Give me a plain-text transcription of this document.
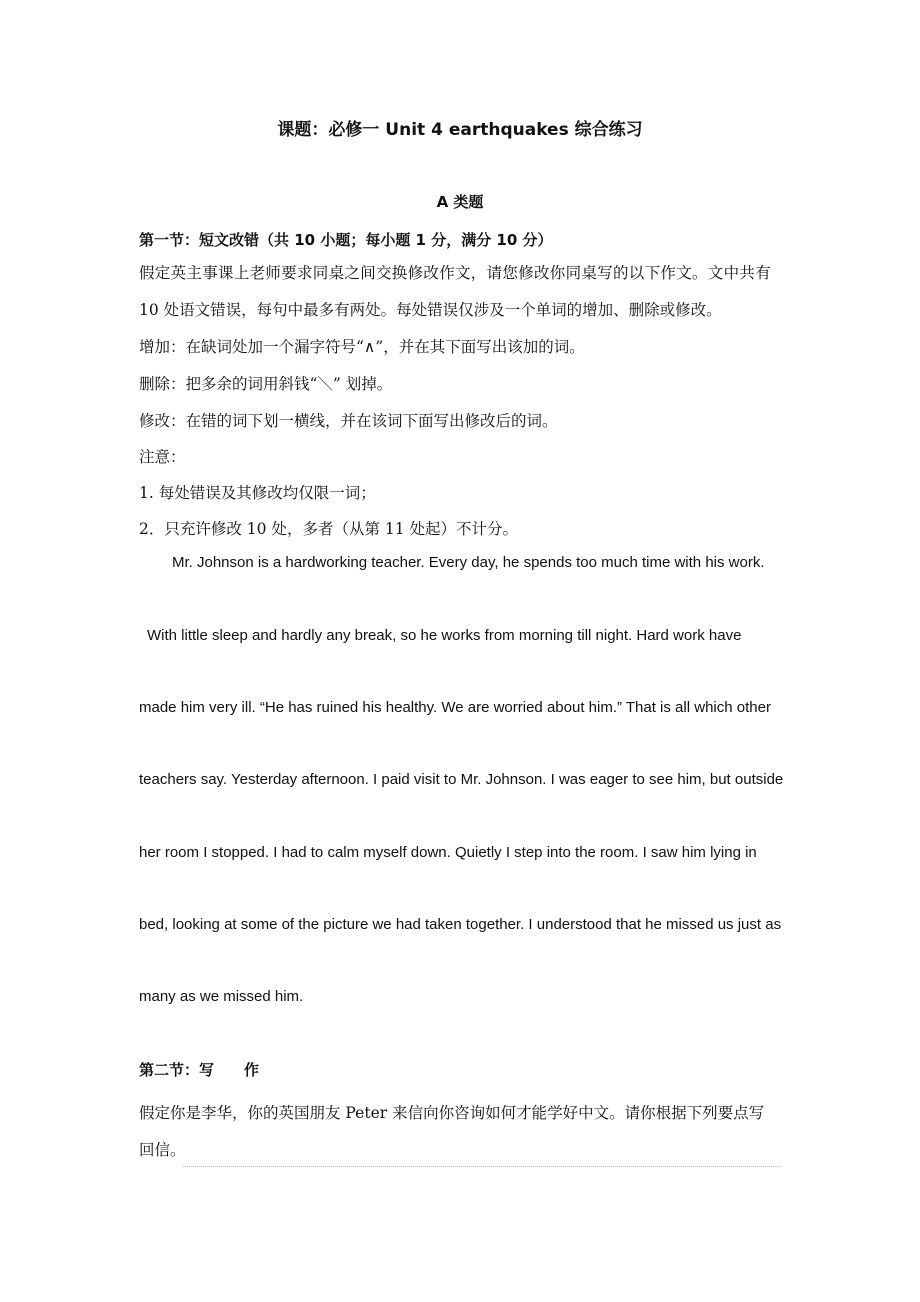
课题：必修一 Unit 4 earthquakes 综合练习
A 类题
第一节：短文改错（共 10 小题；每小题 1 分，满分 10 分）
假定英主事课上老师要求同桌之间交换修改作文，请您修改你同桌写的以下作文。文中共有
10 处语文错误，每句中最多有两处。每处错误仅涉及一个单词的增加、删除或修改。
增加：在缺词处加一个漏字符号“∧”，并在其下面写出该加的词。
删除：把多余的词用斜钱“＼” 划掉。
修改：在错的词下划一横线，并在该词下面写出修改后的词。
注意：
1. 每处错误及其修改均仅限一词；
2．只充许修改 10 处，多者（从第 11 处起）不计分。
Mr. Johnson is a hardworking teacher. Every day, he spends too much time with his work.
With little sleep and hardly any break, so he works from morning till night. Hard work have
made him very ill. “He has ruined his healthy. We are worried about him.” That is all which other
teachers say. Yesterday afternoon. I paid visit to Mr. Johnson. I was eager to see him, but outside
her room I stopped. I had to calm myself down. Quietly I step into the room. I saw him lying in
bed, looking at some of the picture we had taken together. I understood that he missed us just as
many as we missed him.
第二节：写　　作
假定你是李华，你的英国朋友 Peter 来信向你咨询如何才能学好中文。请你根据下列要点写
回信。
